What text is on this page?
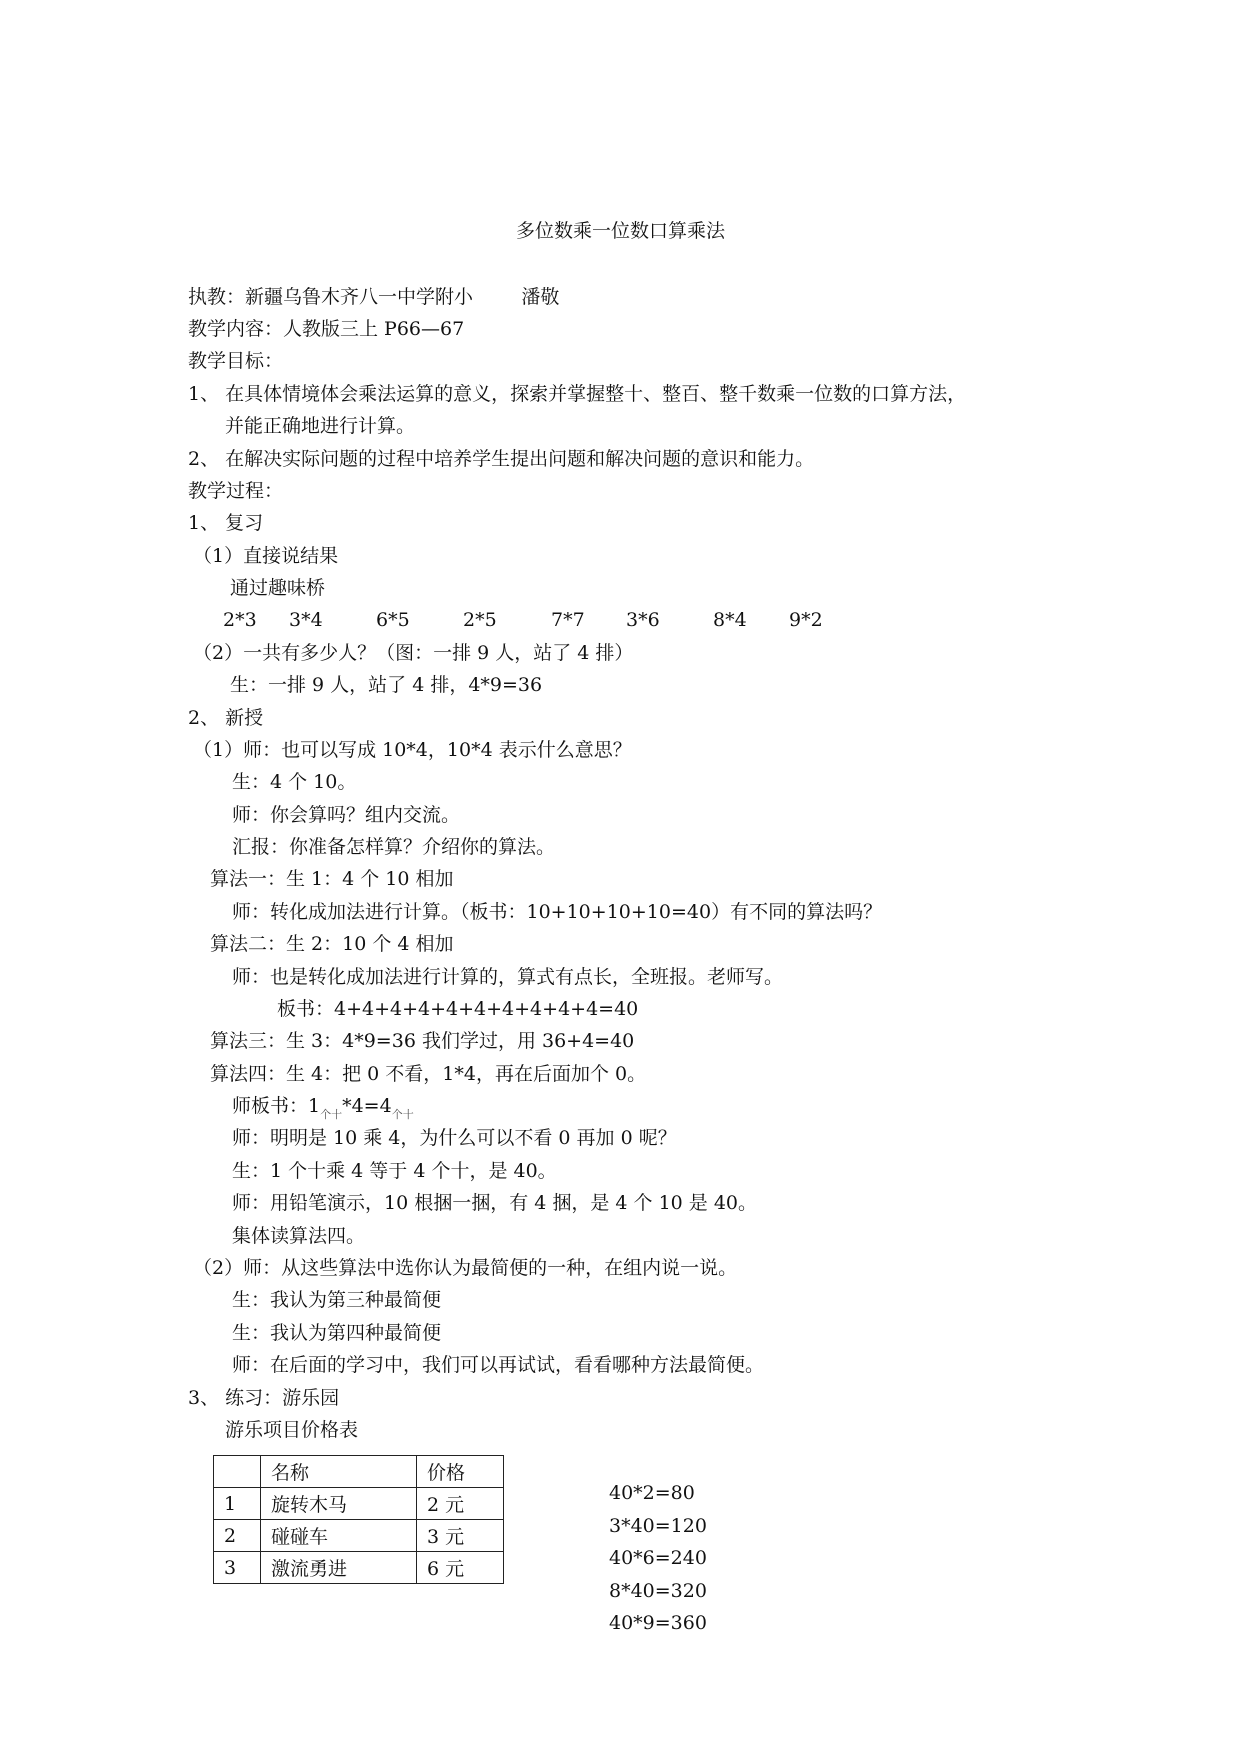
多位数乘一位数口算乘法
执教：新疆乌鲁木齐八一中学附小        潘敬
教学内容：人教版三上 P66—67
教学目标：
1、 在具体情境体会乘法运算的意义，探索并掌握整十、整百、整千数乘一位数的口算方法，
并能正确地进行计算。
2、 在解决实际问题的过程中培养学生提出问题和解决问题的意识和能力。
教学过程：
1、 复习
（1）直接说结果
通过趣味桥

2*3

3*4

	6*5

	2*5

	7*7

3*6

	8*4

9*2

（2）一共有多少人？（图：一排 9 人，站了 4 排）
生：一排 9 人，站了 4 排，4*9=36
2、 新授
（1）师：也可以写成 10*4，10*4 表示什么意思？
生：4 个 10。
师：你会算吗？组内交流。
汇报：你准备怎样算？介绍你的算法。
算法一：生 1：4 个 10 相加
师：转化成加法进行计算。（板书：10+10+10+10=40）有不同的算法吗？
算法二：生 2：10 个 4 相加
师：也是转化成加法进行计算的，算式有点长，全班报。老师写。
板书：4+4+4+4+4+4+4+4+4+4=40
算法三：生 3：4*9=36 我们学过，用 36+4=40
算法四：生 4：把 0 不看，1*4，再在后面加个 0。
师板书：$1_{个十}*4=4_{个十}$
师：明明是 10 乘 4，为什么可以不看 0 再加 0 呢？
生：1 个十乘 4 等于 4 个十，是 40。
师：用铅笔演示，10 根捆一捆，有 4 捆，是 4 个 10 是 40。
集体读算法四。
（2）师：从这些算法中选你认为最简便的一种，在组内说一说。
生：我认为第三种最简便
生：我认为第四种最简便
师：在后面的学习中，我们可以再试试，看看哪种方法最简便。
3、 练习：游乐园
游乐项目价格表
	名称	价格
1	旋转木马	2 元
2	碰碰车	3 元
3	激流勇进	6 元
40*2=80
3*40=120
40*6=240
8*40=320
40*9=360
